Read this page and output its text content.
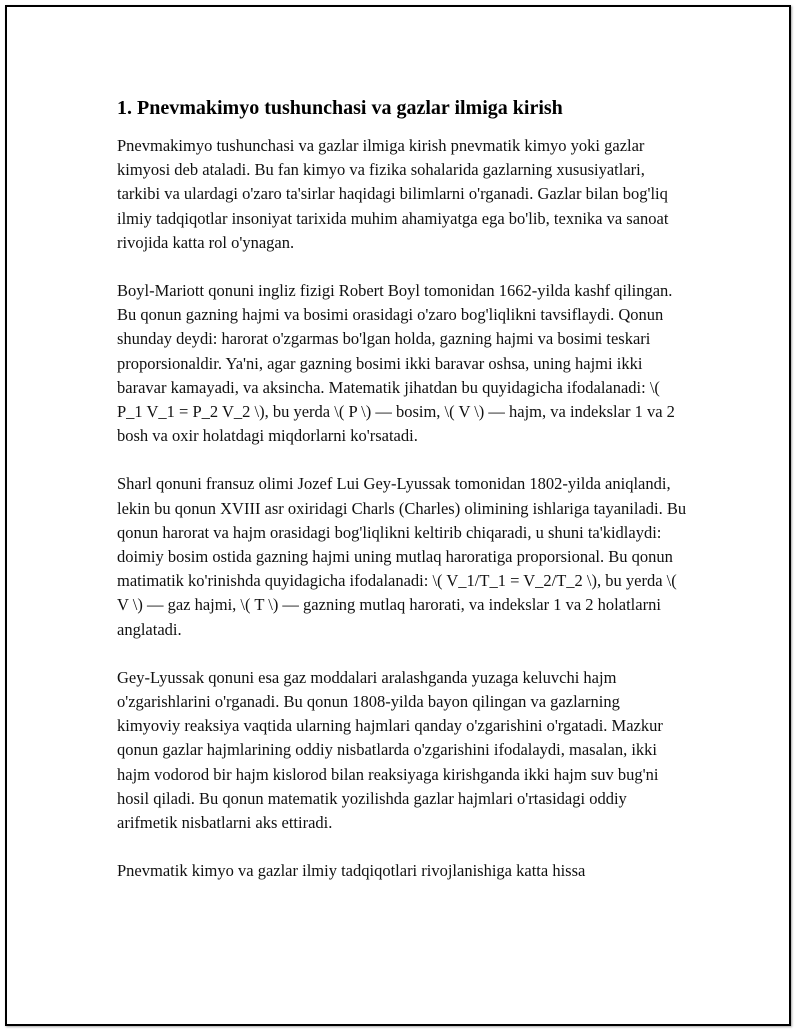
1. Pnevmakimyo tushunchasi va gazlar ilmiga kirish

Pnevmakimyo tushunchasi va gazlar ilmiga kirish pnevmatik kimyo yoki gazlar kimyosi deb ataladi. Bu fan kimyo va fizika sohalarida gazlarning xususiyatlari, tarkibi va ulardagi o'zaro ta'sirlar haqidagi bilimlarni o'rganadi. Gazlar bilan bog'liq ilmiy tadqiqotlar insoniyat tarixida muhim ahamiyatga ega bo'lib, texnika va sanoat rivojida katta rol o'ynagan.

Boyl-Mariott qonuni ingliz fizigi Robert Boyl tomonidan 1662-yilda kashf qilingan. Bu qonun gazning hajmi va bosimi orasidagi o'zaro bog'liqlikni tavsiflaydi. Qonun shunday deydi: harorat o'zgarmas bo'lgan holda, gazning hajmi va bosimi teskari proporsionaldir. Ya'ni, agar gazning bosimi ikki baravar oshsa, uning hajmi ikki baravar kamayadi, va aksincha. Matematik jihatdan bu quyidagicha ifodalanadi: \( P_1 V_1 = P_2 V_2 \), bu yerda \( P \) — bosim, \( V \) — hajm, va indekslar 1 va 2 bosh va oxir holatdagi miqdorlarni ko'rsatadi.

Sharl qonuni fransuz olimi Jozef Lui Gey-Lyussak tomonidan 1802-yilda aniqlandi, lekin bu qonun XVIII asr oxiridagi Charls (Charles) olimining ishlariga tayaniladi. Bu qonun harorat va hajm orasidagi bog'liqlikni keltirib chiqaradi, u shuni ta'kidlaydi: doimiy bosim ostida gazning hajmi uning mutlaq haroratiga proporsional. Bu qonun matimatik ko'rinishda quyidagicha ifodalanadi: \( V_1/T_1 = V_2/T_2 \), bu yerda \( V \) — gaz hajmi, \( T \) — gazning mutlaq harorati, va indekslar 1 va 2 holatlarni anglatadi.

Gey-Lyussak qonuni esa gaz moddalari aralashganda yuzaga keluvchi hajm o'zgarishlarini o'rganadi. Bu qonun 1808-yilda bayon qilingan va gazlarning kimyoviy reaksiya vaqtida ularning hajmlari qanday o'zgarishini o'rgatadi. Mazkur qonun gazlar hajmlarining oddiy nisbatlarda o'zgarishini ifodalaydi, masalan, ikki hajm vodorod bir hajm kislorod bilan reaksiyaga kirishganda ikki hajm suv bug'ni hosil qiladi. Bu qonun matematik yozilishda gazlar hajmlari o'rtasidagi oddiy arifmetik nisbatlarni aks ettiradi.

Pnevmatik kimyo va gazlar ilmiy tadqiqotlari rivojlanishiga katta hissa
